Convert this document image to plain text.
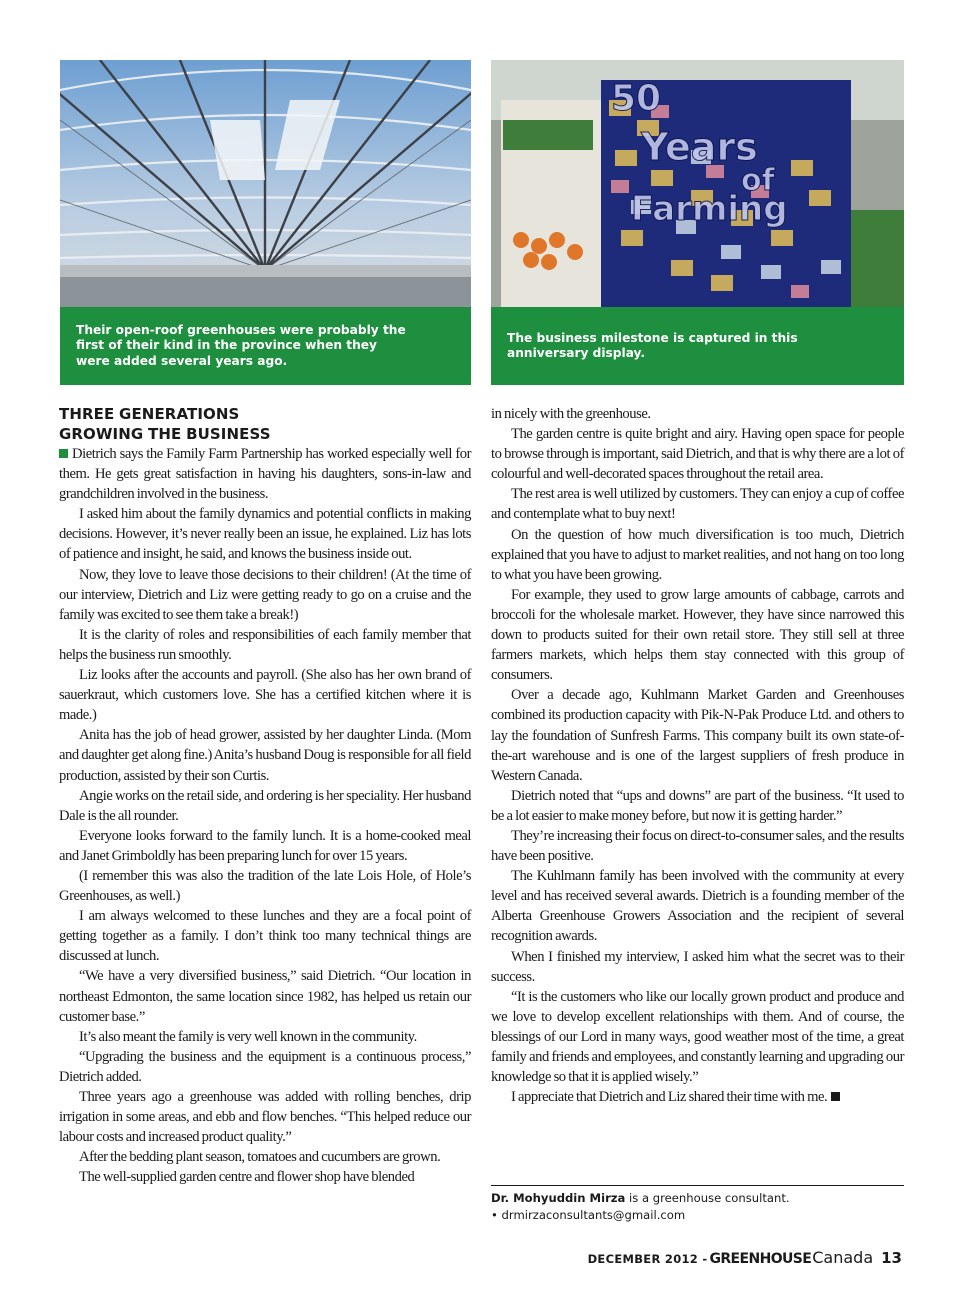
Their open-roof greenhouses were probably the
first of their kind in the province when they
were added several years ago.
50
Years
of
Farming
The business milestone is captured in this
anniversary display.
THREE GENERATIONS
GROWING THE BUSINESS

Dietrich says the Family Farm Partnership has worked especially well for them. He gets great satisfaction in having his daughters, sons-in-law and grandchildren involved in the business.

I asked him about the family dynamics and potential conflicts in making decisions. However, it’s never really been an issue, he explained. Liz has lots of patience and insight, he said, and knows the business inside out.

Now, they love to leave those decisions to their children! (At the time of our interview, Dietrich and Liz were getting ready to go on a cruise and the family was excited to see them take a break!)

It is the clarity of roles and responsibilities of each family member that helps the business run smoothly.

Liz looks after the accounts and payroll. (She also has her own brand of sauerkraut, which customers love. She has a certified kitchen where it is made.)

Anita has the job of head grower, assisted by her daughter Linda. (Mom and daughter get along fine.) Anita’s husband Doug is responsible for all field production, assisted by their son Curtis.

Angie works on the retail side, and ordering is her speciality. Her husband Dale is the all rounder.

Everyone looks forward to the family lunch. It is a home-cooked meal and Janet Grimboldly has been preparing lunch for over 15 years.

(I remember this was also the tradition of the late Lois Hole, of Hole’s Greenhouses, as well.)

I am always welcomed to these lunches and they are a focal point of getting together as a family. I don’t think too many technical things are discussed at lunch.

“We have a very diversified business,” said Dietrich. “Our location in northeast Edmonton, the same location since 1982, has helped us retain our customer base.”

It’s also meant the family is very well known in the community.

“Upgrading the business and the equipment is a continuous process,” Dietrich added.

Three years ago a greenhouse was added with rolling benches, drip irrigation in some areas, and ebb and flow benches. “This helped reduce our labour costs and increased product quality.”

After the bedding plant season, tomatoes and cucumbers are grown.

The well-supplied garden centre and flower shop have blended

in nicely with the greenhouse.

The garden centre is quite bright and airy. Having open space for people to browse through is important, said Dietrich, and that is why there are a lot of colourful and well-decorated spaces throughout the retail area.

The rest area is well utilized by customers. They can enjoy a cup of coffee and contemplate what to buy next!

On the question of how much diversification is too much, Dietrich explained that you have to adjust to market realities, and not hang on too long to what you have been growing.

For example, they used to grow large amounts of cabbage, carrots and broccoli for the wholesale market. However, they have since narrowed this down to products suited for their own retail store. They still sell at three farmers markets, which helps them stay connected with this group of consumers.

Over a decade ago, Kuhlmann Market Garden and Greenhouses combined its production capacity with Pik-N-Pak Produce Ltd. and others to lay the foundation of Sunfresh Farms. This company built its own state-of-the-art warehouse and is one of the largest suppliers of fresh produce in Western Canada.

Dietrich noted that “ups and downs” are part of the business. “It used to be a lot easier to make money before, but now it is getting harder.”

They’re increasing their focus on direct-to-consumer sales, and the results have been positive.

The Kuhlmann family has been involved with the community at every level and has received several awards. Dietrich is a founding member of the Alberta Greenhouse Growers Association and the recipient of several recognition awards.

When I finished my interview, I asked him what the secret was to their success.

“It is the customers who like our locally grown product and produce and we love to develop excellent relationships with them. And of course, the blessings of our Lord in many ways, good weather most of the time, a great family and friends and employees, and constantly learning and upgrading our knowledge so that it is applied wisely.”

I appreciate that Dietrich and Liz shared their time with me.

Dr. Mohyuddin Mirza is a greenhouse consultant.
• drmirzaconsultants@gmail.com
DECEMBER 2012 - GREENHOUSE Canada 13
